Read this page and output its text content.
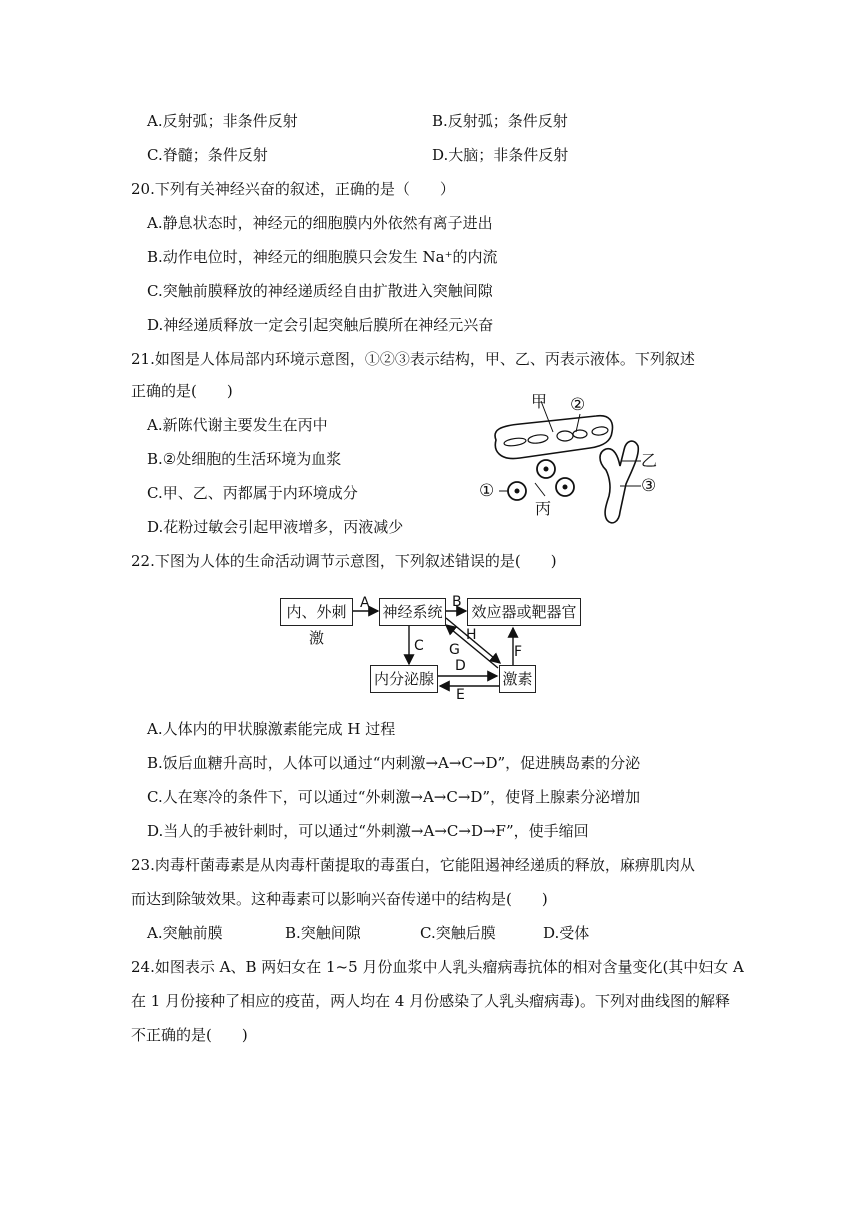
A.反射弧；非条件反射	B.反射弧；条件反射
C.脊髓；条件反射	D.大脑；非条件反射
20.下列有关神经兴奋的叙述，正确的是（　　）
A.静息状态时，神经元的细胞膜内外依然有离子进出
B.动作电位时，神经元的细胞膜只会发生 Na⁺的内流
C.突触前膜释放的神经递质经自由扩散进入突触间隙
D.神经递质释放一定会引起突触后膜所在神经元兴奋
21.如图是人体局部内环境示意图，①②③表示结构，甲、乙、丙表示液体。下列叙述
正确的是(　　)
A.新陈代谢主要发生在丙中
B.②处细胞的生活环境为血浆
C.甲、乙、丙都属于内环境成分
D.花粉过敏会引起甲液增多，丙液减少
甲 ②
乙
③
①
丙
22.下图为人体的生命活动调节示意图，下列叙述错误的是(　　)
内、外刺激
神经系统 效应器或靶器官
内分泌腺	激素
A	B
C G
H
F
D
E
A.人体内的甲状腺激素能完成 H 过程
B.饭后血糖升高时，人体可以通过“内刺激→A→C→D”，促进胰岛素的分泌
C.人在寒冷的条件下，可以通过“外刺激→A→C→D”，使肾上腺素分泌增加
D.当人的手被针刺时，可以通过“外刺激→A→C→D→F”，使手缩回
23.肉毒杆菌毒素是从肉毒杆菌提取的毒蛋白，它能阻遏神经递质的释放，麻痹肌肉从
而达到除皱效果。这种毒素可以影响兴奋传递中的结构是(　　)
A.突触前膜	B.突触间隙	C.突触后膜	D.受体
24.如图表示 A、B 两妇女在 1~5 月份血浆中人乳头瘤病毒抗体的相对含量变化(其中妇女 A
在 1 月份接种了相应的疫苗，两人均在 4 月份感染了人乳头瘤病毒)。下列对曲线图的解释
不正确的是(　　)
